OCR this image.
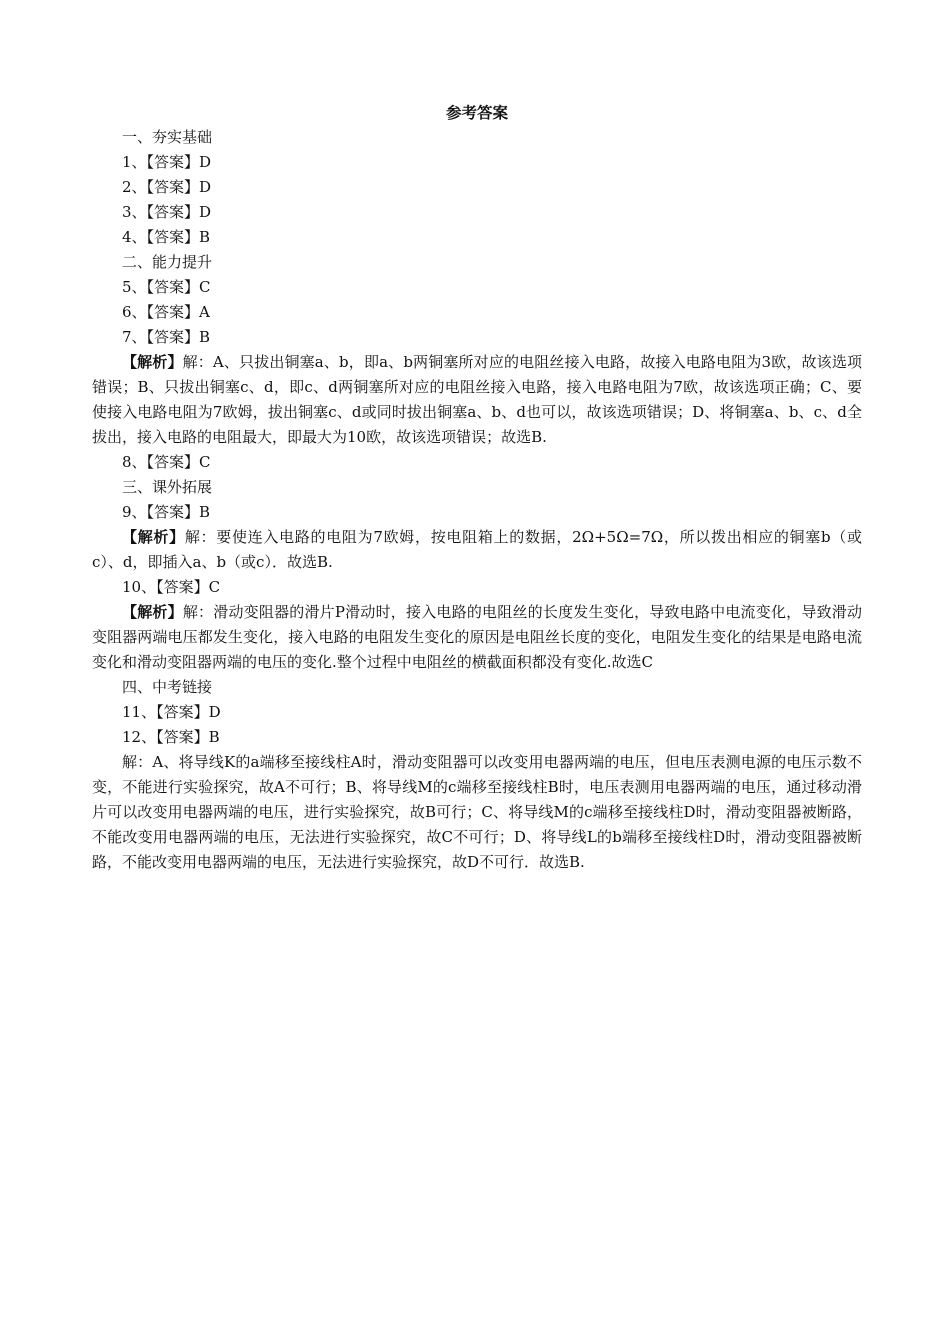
参考答案

一、夯实基础

1、【答案】D

2、【答案】D

3、【答案】D

4、【答案】B

二、能力提升

5、【答案】C

6、【答案】A

7、【答案】B

【解析】解：A、只拔出铜塞a、b，即a、b两铜塞所对应的电阻丝接入电路，故接入电路电阻为3欧，故该选项错误；B、只拔出铜塞c、d，即c、d两铜塞所对应的电阻丝接入电路，接入电路电阻为7欧，故该选项正确；C、要使接入电路电阻为7欧姆，拔出铜塞c、d或同时拔出铜塞a、b、d也可以，故该选项错误；D、将铜塞a、b、c、d全拔出，接入电路的电阻最大，即最大为10欧，故该选项错误；故选B.

8、【答案】C

三、课外拓展

9、【答案】B

【解析】解：要使连入电路的电阻为7欧姆，按电阻箱上的数据，2Ω+5Ω=7Ω，所以拨出相应的铜塞b（或c）、d，即插入a、b（或c）．故选B.

10、【答案】C

【解析】解：滑动变阻器的滑片P滑动时，接入电路的电阻丝的长度发生变化，导致电路中电流变化，导致滑动变阻器两端电压都发生变化，接入电路的电阻发生变化的原因是电阻丝长度的变化，电阻发生变化的结果是电路电流变化和滑动变阻器两端的电压的变化.整个过程中电阻丝的横截面积都没有变化.故选C

四、中考链接

11、【答案】D

12、【答案】B

解：A、将导线K的a端移至接线柱A时，滑动变阻器可以改变用电器两端的电压，但电压表测电源的电压示数不变，不能进行实验探究，故A不可行；B、将导线M的c端移至接线柱B时，电压表测用电器两端的电压，通过移动滑片可以改变用电器两端的电压，进行实验探究，故B可行；C、将导线M的c端移至接线柱D时，滑动变阻器被断路，不能改变用电器两端的电压，无法进行实验探究，故C不可行；D、将导线L的b端移至接线柱D时，滑动变阻器被断路，不能改变用电器两端的电压，无法进行实验探究，故D不可行．故选B.
